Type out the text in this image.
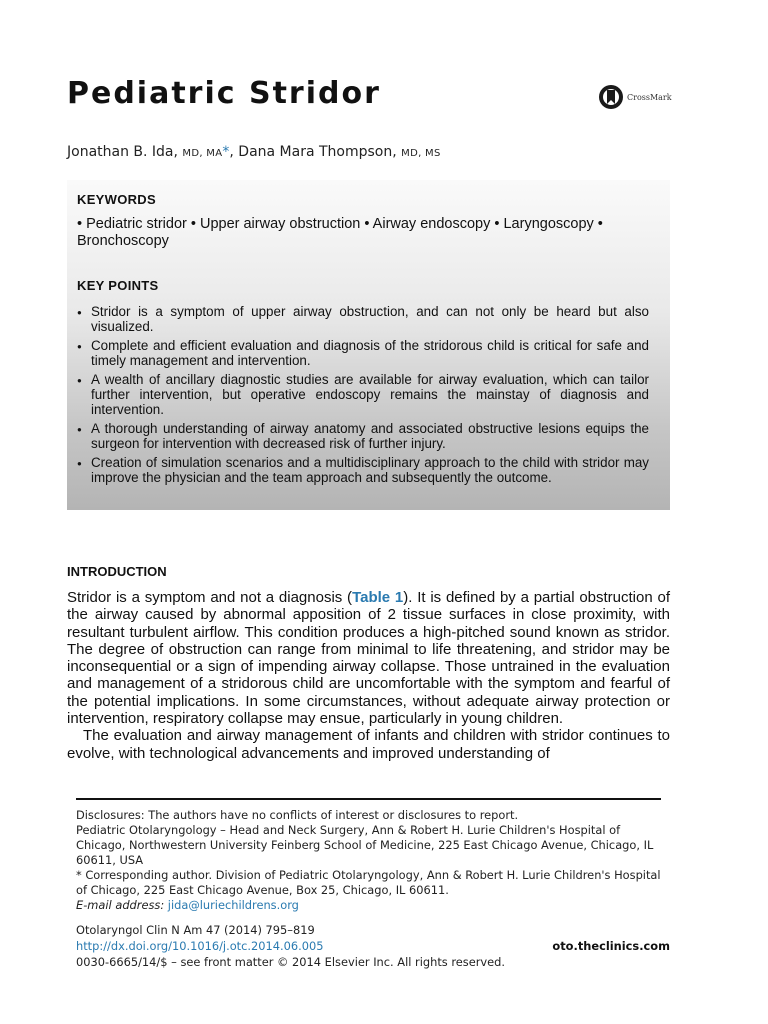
Pediatric Stridor	CrossMark
Jonathan B. Ida, MD, MA*, Dana Mara Thompson, MD, MS
KEYWORDS

• Pediatric stridor • Upper airway obstruction • Airway endoscopy • Laryngoscopy • Bronchoscopy

KEY POINTS
● Stridor is a symptom of upper airway obstruction, and can not only be heard but also visualized.
● Complete and efficient evaluation and diagnosis of the stridorous child is critical for safe and timely management and intervention.
● A wealth of ancillary diagnostic studies are available for airway evaluation, which can tailor further intervention, but operative endoscopy remains the mainstay of diagnosis and intervention.
● A thorough understanding of airway anatomy and associated obstructive lesions equips the surgeon for intervention with decreased risk of further injury.
● Creation of simulation scenarios and a multidisciplinary approach to the child with stridor may improve the physician and the team approach and subsequently the outcome.
INTRODUCTION

Stridor is a symptom and not a diagnosis (Table 1). It is defined by a partial obstruction of the airway caused by abnormal apposition of 2 tissue surfaces in close proximity, with resultant turbulent airflow. This condition produces a high-pitched sound known as stridor. The degree of obstruction can range from minimal to life threatening, and stridor may be inconsequential or a sign of impending airway collapse. Those untrained in the evaluation and management of a stridorous child are uncomfortable with the symptom and fearful of the potential implications. In some circumstances, without adequate airway protection or intervention, respiratory collapse may ensue, particularly in young children.

The evaluation and airway management of infants and children with stridor continues to evolve, with technological advancements and improved understanding of

Disclosures: The authors have no conflicts of interest or disclosures to report.
Pediatric Otolaryngology – Head and Neck Surgery, Ann & Robert H. Lurie Children's Hospital of Chicago, Northwestern University Feinberg School of Medicine, 225 East Chicago Avenue, Chicago, IL 60611, USA
* Corresponding author. Division of Pediatric Otolaryngology, Ann & Robert H. Lurie Children's Hospital of Chicago, 225 East Chicago Avenue, Box 25, Chicago, IL 60611.
E-mail address: jida@luriechildrens.org
Otolaryngol Clin N Am 47 (2014) 795–819
http://dx.doi.org/10.1016/j.otc.2014.06.005	oto.theclinics.com
0030-6665/14/$ – see front matter © 2014 Elsevier Inc. All rights reserved.
